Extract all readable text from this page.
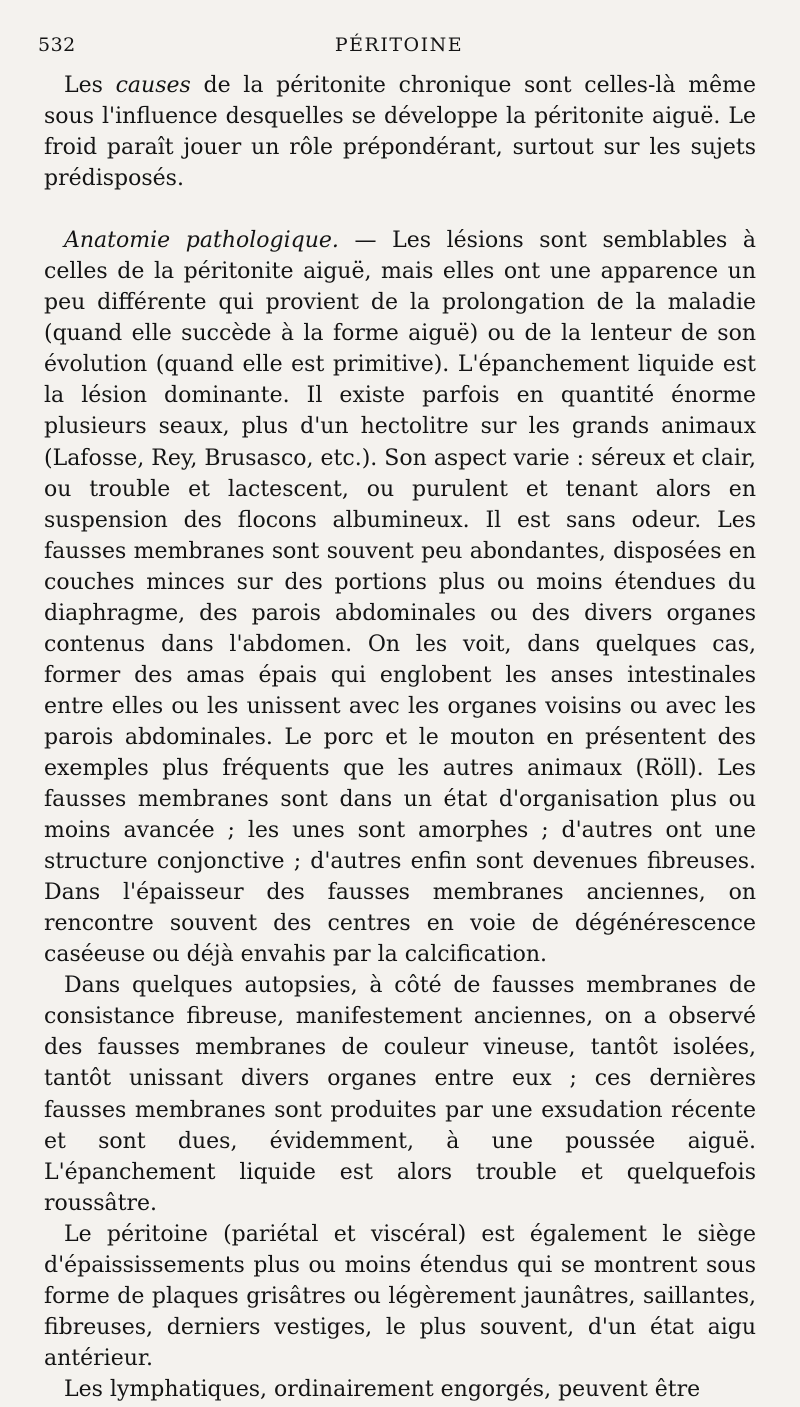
532	PÉRITOINE

Les causes de la péritonite chronique sont celles-là même sous l'influence desquelles se développe la péritonite aiguë. Le froid paraît jouer un rôle prépondérant, surtout sur les sujets prédisposés.

Anatomie pathologique. — Les lésions sont semblables à celles de la péritonite aiguë, mais elles ont une apparence un peu différente qui provient de la prolongation de la maladie (quand elle succède à la forme aiguë) ou de la lenteur de son évolution (quand elle est primitive). L'épanchement liquide est la lésion dominante. Il existe parfois en quantité énorme plusieurs seaux, plus d'un hectolitre sur les grands animaux (Lafosse, Rey, Brusasco, etc.). Son aspect varie : séreux et clair, ou trouble et lactescent, ou purulent et tenant alors en suspension des flocons albumineux. Il est sans odeur. Les fausses membranes sont souvent peu abondantes, disposées en couches minces sur des portions plus ou moins étendues du diaphragme, des parois abdominales ou des divers organes contenus dans l'abdomen. On les voit, dans quelques cas, former des amas épais qui englobent les anses intestinales entre elles ou les unissent avec les organes voisins ou avec les parois abdominales. Le porc et le mouton en présentent des exemples plus fréquents que les autres animaux (Röll). Les fausses membranes sont dans un état d'organisation plus ou moins avancée ; les unes sont amorphes ; d'autres ont une structure conjonctive ; d'autres enfin sont devenues fibreuses. Dans l'épaisseur des fausses membranes anciennes, on rencontre souvent des centres en voie de dégénérescence caséeuse ou déjà envahis par la calcification.

Dans quelques autopsies, à côté de fausses membranes de consistance fibreuse, manifestement anciennes, on a observé des fausses membranes de couleur vineuse, tantôt isolées, tantôt unissant divers organes entre eux ; ces dernières fausses membranes sont produites par une exsudation récente et sont dues, évidemment, à une poussée aiguë. L'épanchement liquide est alors trouble et quelquefois roussâtre.

Le péritoine (pariétal et viscéral) est également le siège d'épaississements plus ou moins étendus qui se montrent sous forme de plaques grisâtres ou légèrement jaunâtres, saillantes, fibreuses, derniers vestiges, le plus souvent, d'un état aigu antérieur.

Les lymphatiques, ordinairement engorgés, peuvent être
